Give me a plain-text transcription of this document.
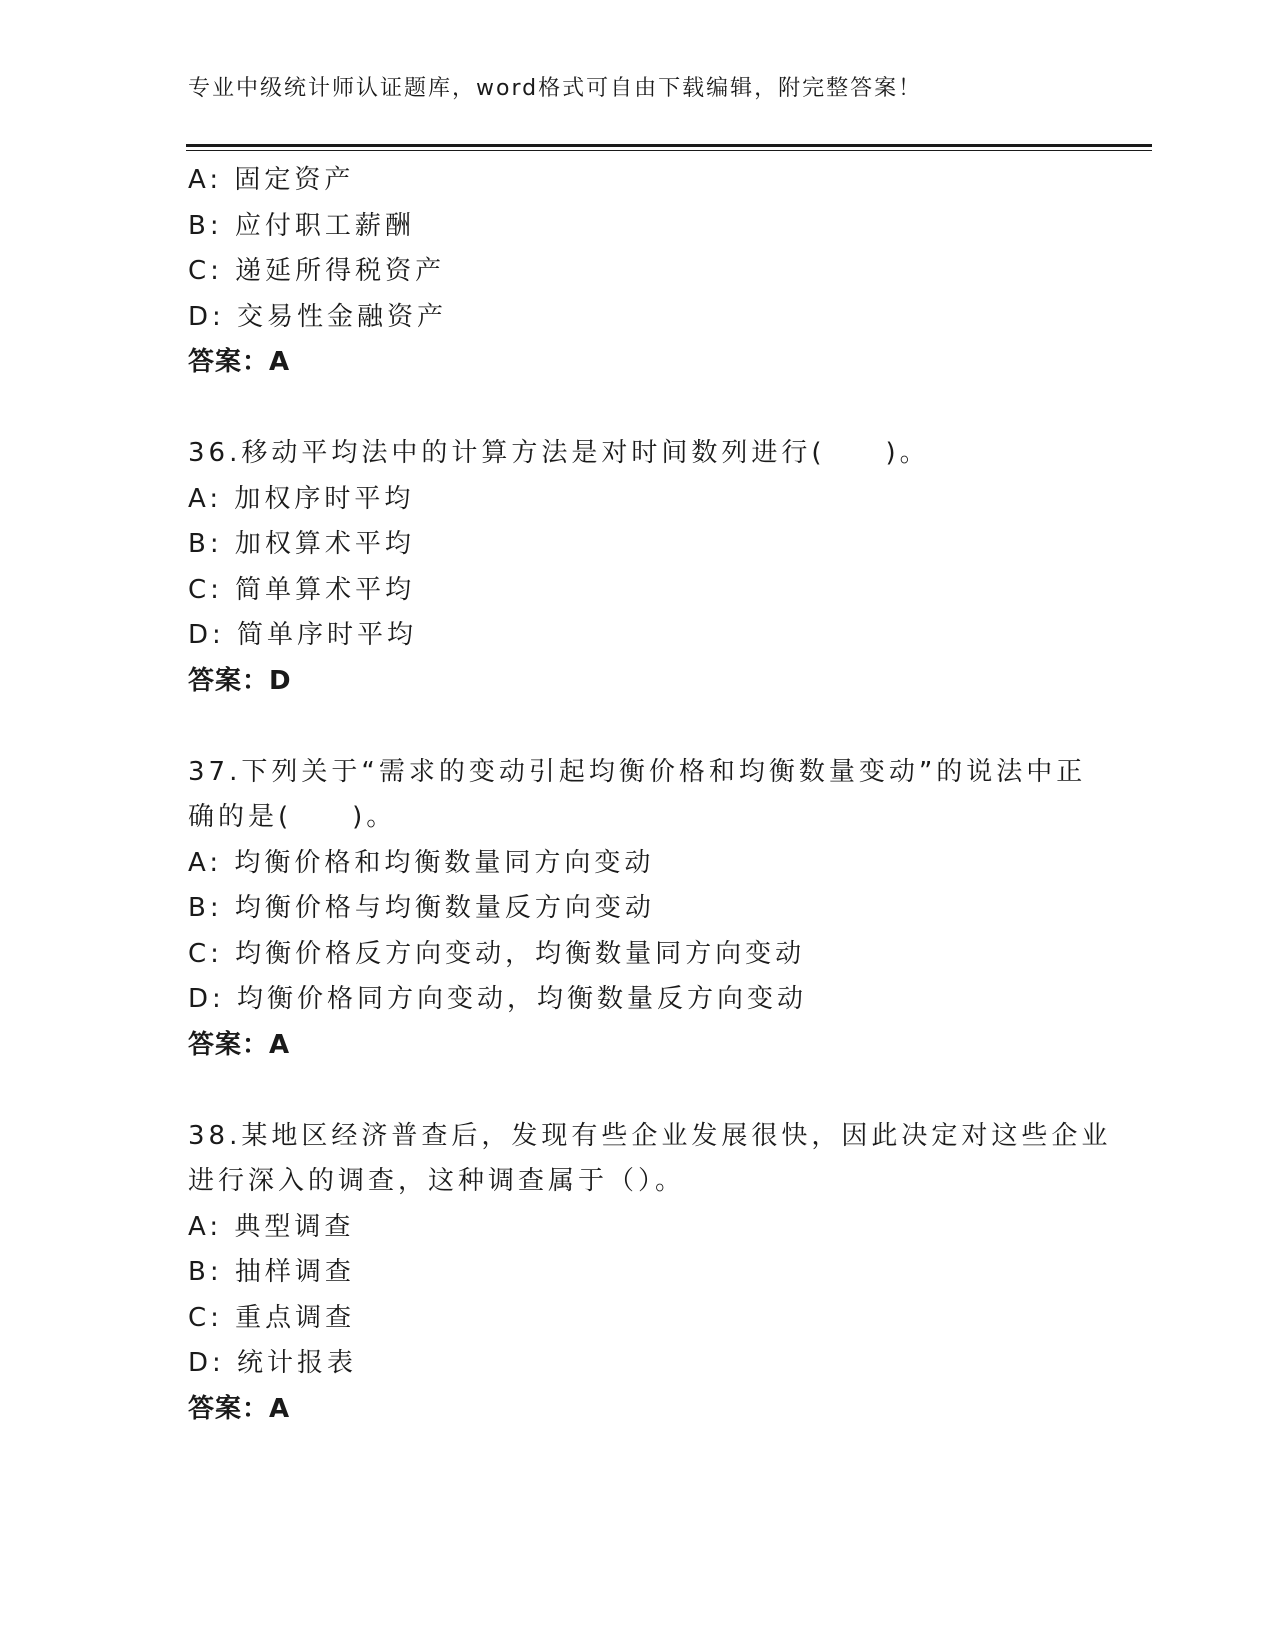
专业中级统计师认证题库，word格式可自由下载编辑，附完整答案！
A: 固定资产
B: 应付职工薪酬
C: 递延所得税资产
D: 交易性金融资产
答案：A
36.移动平均法中的计算方法是对时间数列进行(　　)。
A: 加权序时平均
B: 加权算术平均
C: 简单算术平均
D: 简单序时平均
答案：D
37.下列关于“需求的变动引起均衡价格和均衡数量变动”的说法中正
确的是(　　)。
A: 均衡价格和均衡数量同方向变动
B: 均衡价格与均衡数量反方向变动
C: 均衡价格反方向变动，均衡数量同方向变动
D: 均衡价格同方向变动，均衡数量反方向变动
答案：A
38.某地区经济普查后，发现有些企业发展很快，因此决定对这些企业
进行深入的调查，这种调查属于（）。
A: 典型调查
B: 抽样调查
C: 重点调查
D: 统计报表
答案：A
